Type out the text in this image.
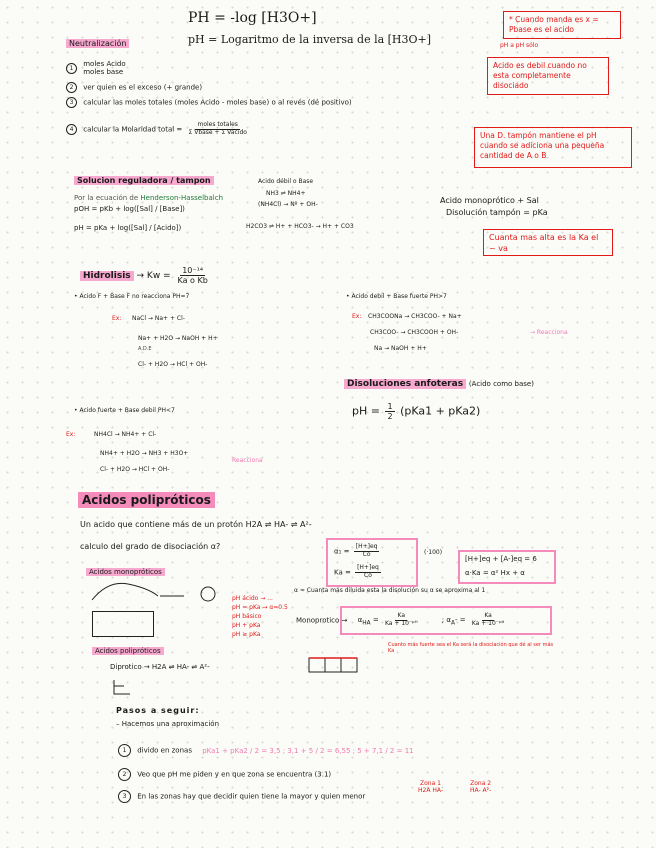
PH = -log [H3O+]
pH = Logaritmo de la inversa de la [H3O+]
* Cuando manda es x = Pbase es el acido
pH a pH sólo
Acido es debil cuando no esta completamente disociado
Una D. tampón mantiene el pH cuando se adiciona una pequeña cantidad de A o B
Cuanta mas alta es la Ka el ~ va
Neutralización
1 moles Acido
moles base
2 ver quien es el exceso (+ grande)
3 calcular las moles totales (moles Acido - moles base) o al revés (dé positivo)
4 calcular la Molaridad total = $\frac{\text{moles totales}}{\text{Σ Vbase + Σ Vacido}}$
Solucion reguladora / tampon
Por la ecuación de Henderson-Hasselbalch
pOH = pKb + log([Sal] / [Base])
pH = pKa + log([Sal] / [Acido])
Acido débil o Base
NH3 ⇌ NH4+
(NH4Cl) → Nº + OH-
H2CO3 ⇌ H+ + HCO3- → H+ + CO3
Acido monoprótico + Sal
Disolución tampón = pKa
Hidrolisis → $Kw = \frac{\text{10⁻¹⁴}}{\text{Ka o Kb}}$
• Acido F + Base F no reacciona PH=7
Ex: NaCl → Na+ + Cl-
Na+ + H2O → NaOH + H+
A.D.E
Cl- + H2O → HCl + OH-
• Acido debil + Base fuerte PH>7
Ex: CH3COONa → CH3COO- + Na+
CH3COO- → CH3COOH + OH-	→ Reacciona
Na → NaOH + H+
• Acido fuerte + Base debil PH<7
Ex:	NH4Cl → NH4+ + Cl-
NH4+ + H2O → NH3 + H3O+
Reacciona
Cl- + H2O → HCl + OH-
Disoluciones anfoteras (Acido como base)
pH = $\frac{1}{2} (pKa1 + pKa2)$
Acidos polipróticos
Un acido que contiene más de un protón H2A ⇌ HA- ⇌ A²-
calculo del grado de disociación α?
$\alpha_1 = \frac{[H+]eq}{Co}$
$Ka = \frac{[H+]eq}{Co}$
(·100)
[H+]eq + [A-]eq = 6
α·Ka = α² Hx + α
Acidos monopróticos
α ≈ Cuanta más diluida esta la disolución su α se aproxima al 1
pH ácido → ...
pH = pKa → α=0.5
pH básico
pH + pKa
pH ≥ pKa
Monoprotico → $\alpha_{HA} = \frac{Ka}{\text{Ka + 10⁻ᵖᴴ}}$	; $\alpha_A- = \frac{Ka}{\text{Ka + 10⁻ᵖᴴ}}$
Cuanto más fuerte sea el Ka será la disociación que dé al ser más Ka
Acidos polipróticos
Diprotico → H2A ⇌ HA- ⇌ A²-
Pasos a seguir:
– Hacemos una aproximación
1 divido en zonas pKa1 + pKa2 / 2 = 3,5 ; 3,1 + 5 / 2 = 6,55 ; 5 + 7,1 / 2 = 11
2 Veo que pH me piden y en que zona se encuentra (3.1)
3 En las zonas hay que decidir quien tiene la mayor y quien menor
Zona 1
H2A HA-
Zona 2
HA- A²-
